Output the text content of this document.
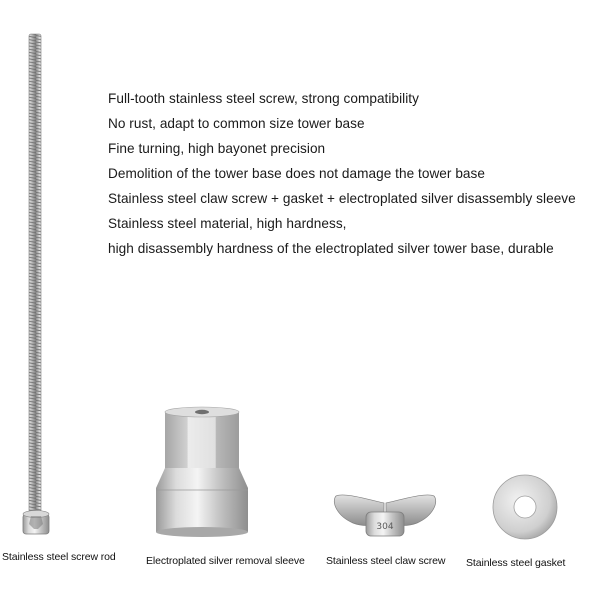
Full-tooth stainless steel screw, strong compatibility
No rust, adapt to common size tower base
Fine turning, high bayonet precision
Demolition of the tower base does not damage the tower base
Stainless steel claw screw + gasket + electroplated silver disassembly sleeve
Stainless steel material, high hardness,
high disassembly hardness of the electroplated silver tower base, durable
304
Stainless steel screw rod	Electroplated silver removal sleeve Stainless steel claw screw Stainless steel gasket
